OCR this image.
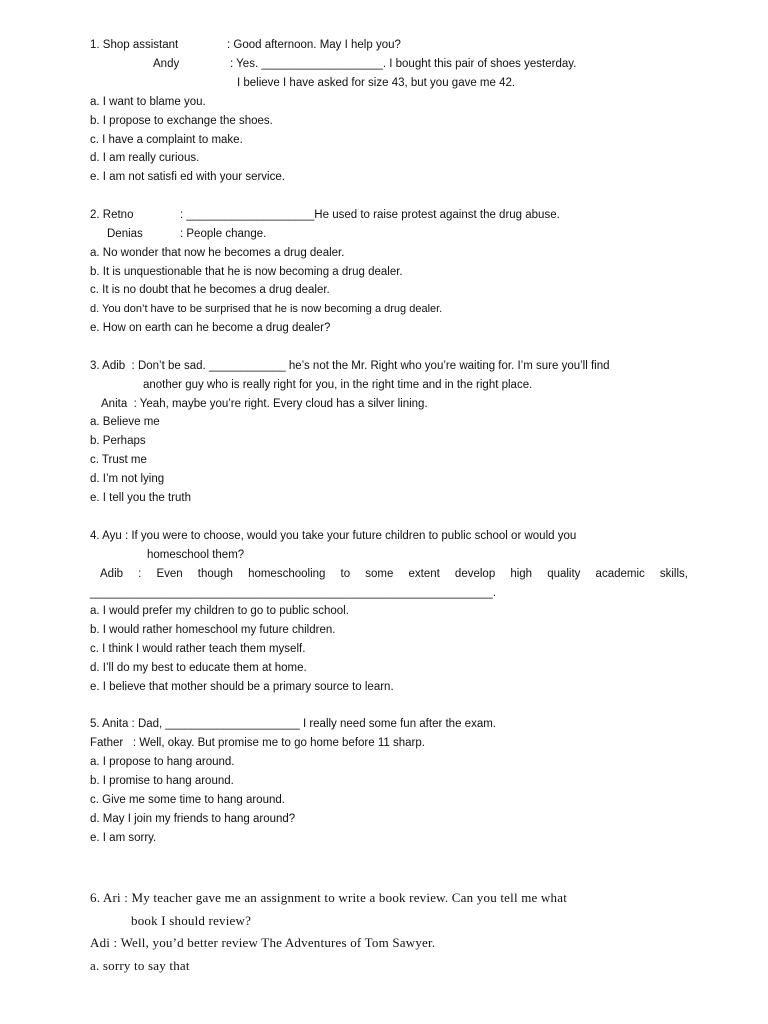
1. Shop assistant	: Good afternoon. May I help you?
Andy	: Yes. ___________________. I bought this pair of shoes yesterday.
I believe I have asked for size 43, but you gave me 42.
a. I want to blame you.
b. I propose to exchange the shoes.
c. I have a complaint to make.
d. I am really curious.
e. I am not satisfi ed with your service.
2. Retno	: ____________________He used to raise protest against the drug abuse.
Denias	: People change.
a. No wonder that now he becomes a drug dealer.
b. It is unquestionable that he is now becoming a drug dealer.
c. It is no doubt that he becomes a drug dealer.
d. You don’t have to be surprised that he is now becoming a drug dealer.
e. How on earth can he become a drug dealer?
3. Adib  : Don’t be sad. ____________ he’s not the Mr. Right who you’re waiting for. I’m sure you’ll find
another guy who is really right for you, in the right time and in the right place.
Anita  : Yeah, maybe you’re right. Every cloud has a silver lining.
a. Believe me
b. Perhaps
c. Trust me
d. I’m not lying
e. I tell you the truth
4. Ayu : If you were to choose, would you take your future children to public school or would you
homeschool them?
Adib : Even though homeschooling to some extent develop high quality academic skills,
_______________________________________________________________.
a. I would prefer my children to go to public school.
b. I would rather homeschool my future children.
c. I think I would rather teach them myself.
d. I’ll do my best to educate them at home.
e. I believe that mother should be a primary source to learn.
5. Anita : Dad, _____________________ I really need some fun after the exam.
Father   : Well, okay. But promise me to go home before 11 sharp.
a. I propose to hang around.
b. I promise to hang around.
c. Give me some time to hang around.
d. May I join my friends to hang around?
e. I am sorry.
6. Ari : My teacher gave me an assignment to write a book review. Can you tell me what
book I should review?
Adi : Well, you’d better review The Adventures of Tom Sawyer.
a. sorry to say that
